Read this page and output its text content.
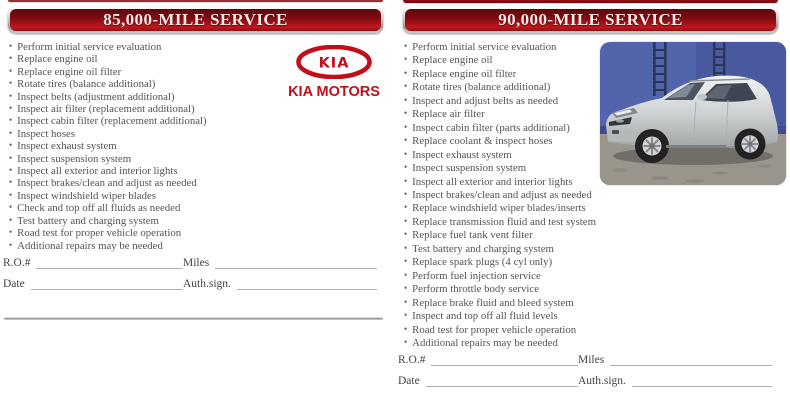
85,000-MILE SERVICE
• Perform initial service evaluation
• Replace engine oil
• Replace engine oil filter
• Rotate tires (balance additional)
• Inspect belts (adjustment additional)
• Inspect air filter (replacement additional)
• Inspect cabin filter (replacement additional)
• Inspect hoses
• Inspect exhaust system
• Inspect suspension system
• Inspect all exterior and interior lights
• Inspect brakes/clean and adjust as needed
• Inspect windshield wiper blades
• Check and top off all fluids as needed
• Test battery and charging system
• Road test for proper vehicle operation
• Additional repairs may be needed
KIA
KIA MOTORS
R.O.#	Miles
Date	Auth.sign.
90,000-MILE SERVICE
• Perform initial service evaluation
• Replace engine oil
• Replace engine oil filter
• Rotate tires (balance additional)
• Inspect and adjust belts as needed
• Replace air filter
• Inspect cabin filter (parts additional)
• Replace coolant & inspect hoses
• Inspect exhaust system
• Inspect suspension system
• Inspect all exterior and interior lights
• Inspect brakes/clean and adjust as needed
• Replace windshield wiper blades/inserts
• Replace transmission fluid and test system
• Replace fuel tank vent filter
• Test battery and charging system
• Replace spark plugs (4 cyl only)
• Perform fuel injection service
• Perform throttle body service
• Replace brake fluid and bleed system
• Inspect and top off all fluid levels
• Road test for proper vehicle operation
• Additional repairs may be needed
R.O.#	Miles
Date	Auth.sign.
